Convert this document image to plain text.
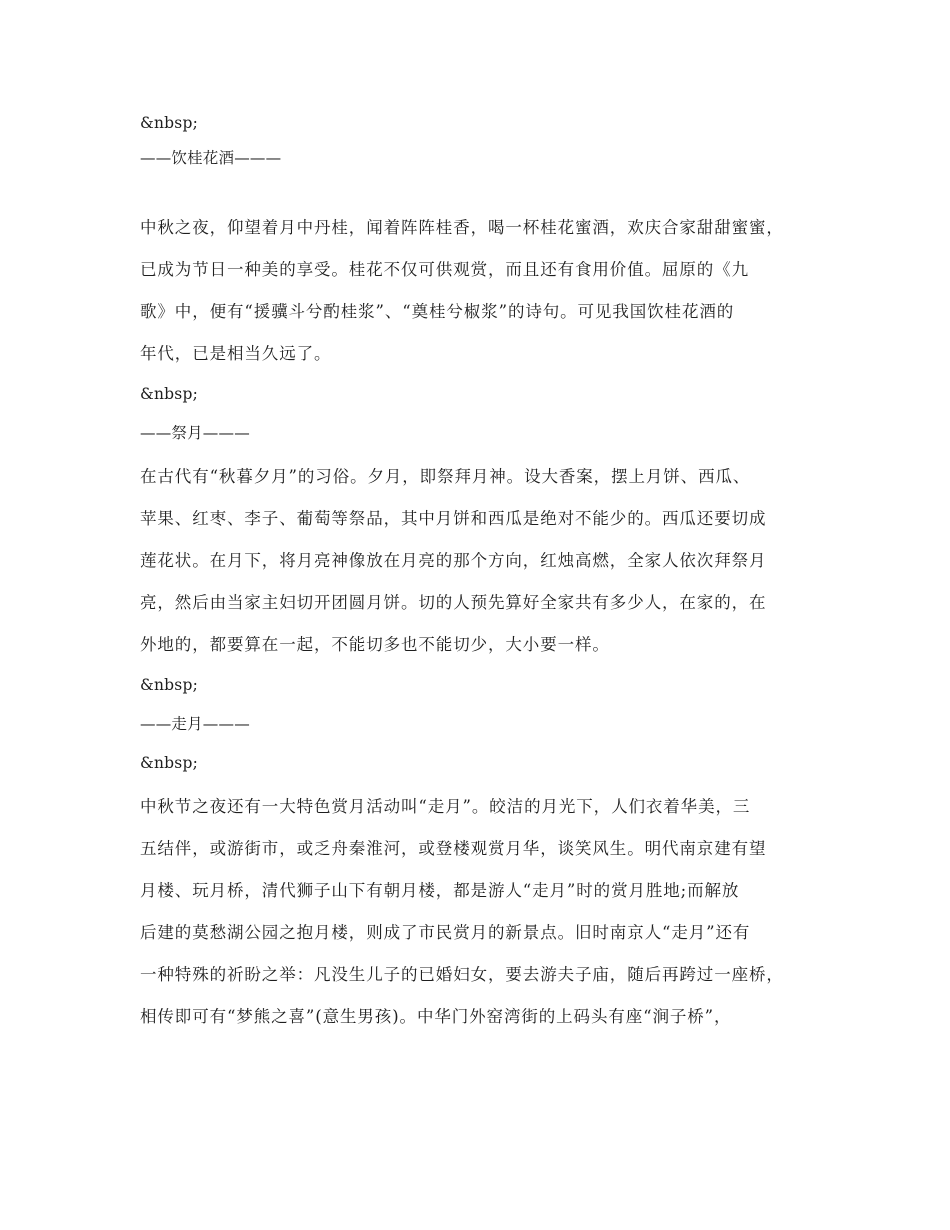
&nbsp;
——饮桂花酒———
中秋之夜，仰望着月中丹桂，闻着阵阵桂香，喝一杯桂花蜜酒，欢庆合家甜甜蜜蜜，
已成为节日一种美的享受。桂花不仅可供观赏，而且还有食用价值。屈原的《九
歌》中，便有“援骥斗兮酌桂浆”、“奠桂兮椒浆”的诗句。可见我国饮桂花酒的
年代，已是相当久远了。
&nbsp;
——祭月———
在古代有“秋暮夕月”的习俗。夕月，即祭拜月神。设大香案，摆上月饼、西瓜、
苹果、红枣、李子、葡萄等祭品，其中月饼和西瓜是绝对不能少的。西瓜还要切成
莲花状。在月下，将月亮神像放在月亮的那个方向，红烛高燃，全家人依次拜祭月
亮，然后由当家主妇切开团圆月饼。切的人预先算好全家共有多少人，在家的，在
外地的，都要算在一起，不能切多也不能切少，大小要一样。
&nbsp;
——走月———
&nbsp;
中秋节之夜还有一大特色赏月活动叫“走月”。皎洁的月光下，人们衣着华美，三
五结伴，或游街市，或乏舟秦淮河，或登楼观赏月华，谈笑风生。明代南京建有望
月楼、玩月桥，清代狮子山下有朝月楼，都是游人“走月”时的赏月胜地;而解放
后建的莫愁湖公园之抱月楼，则成了市民赏月的新景点。旧时南京人“走月”还有
一种特殊的祈盼之举：凡没生儿子的已婚妇女，要去游夫子庙，随后再跨过一座桥，
相传即可有“梦熊之喜”(意生男孩)。中华门外窑湾街的上码头有座“涧子桥”，
